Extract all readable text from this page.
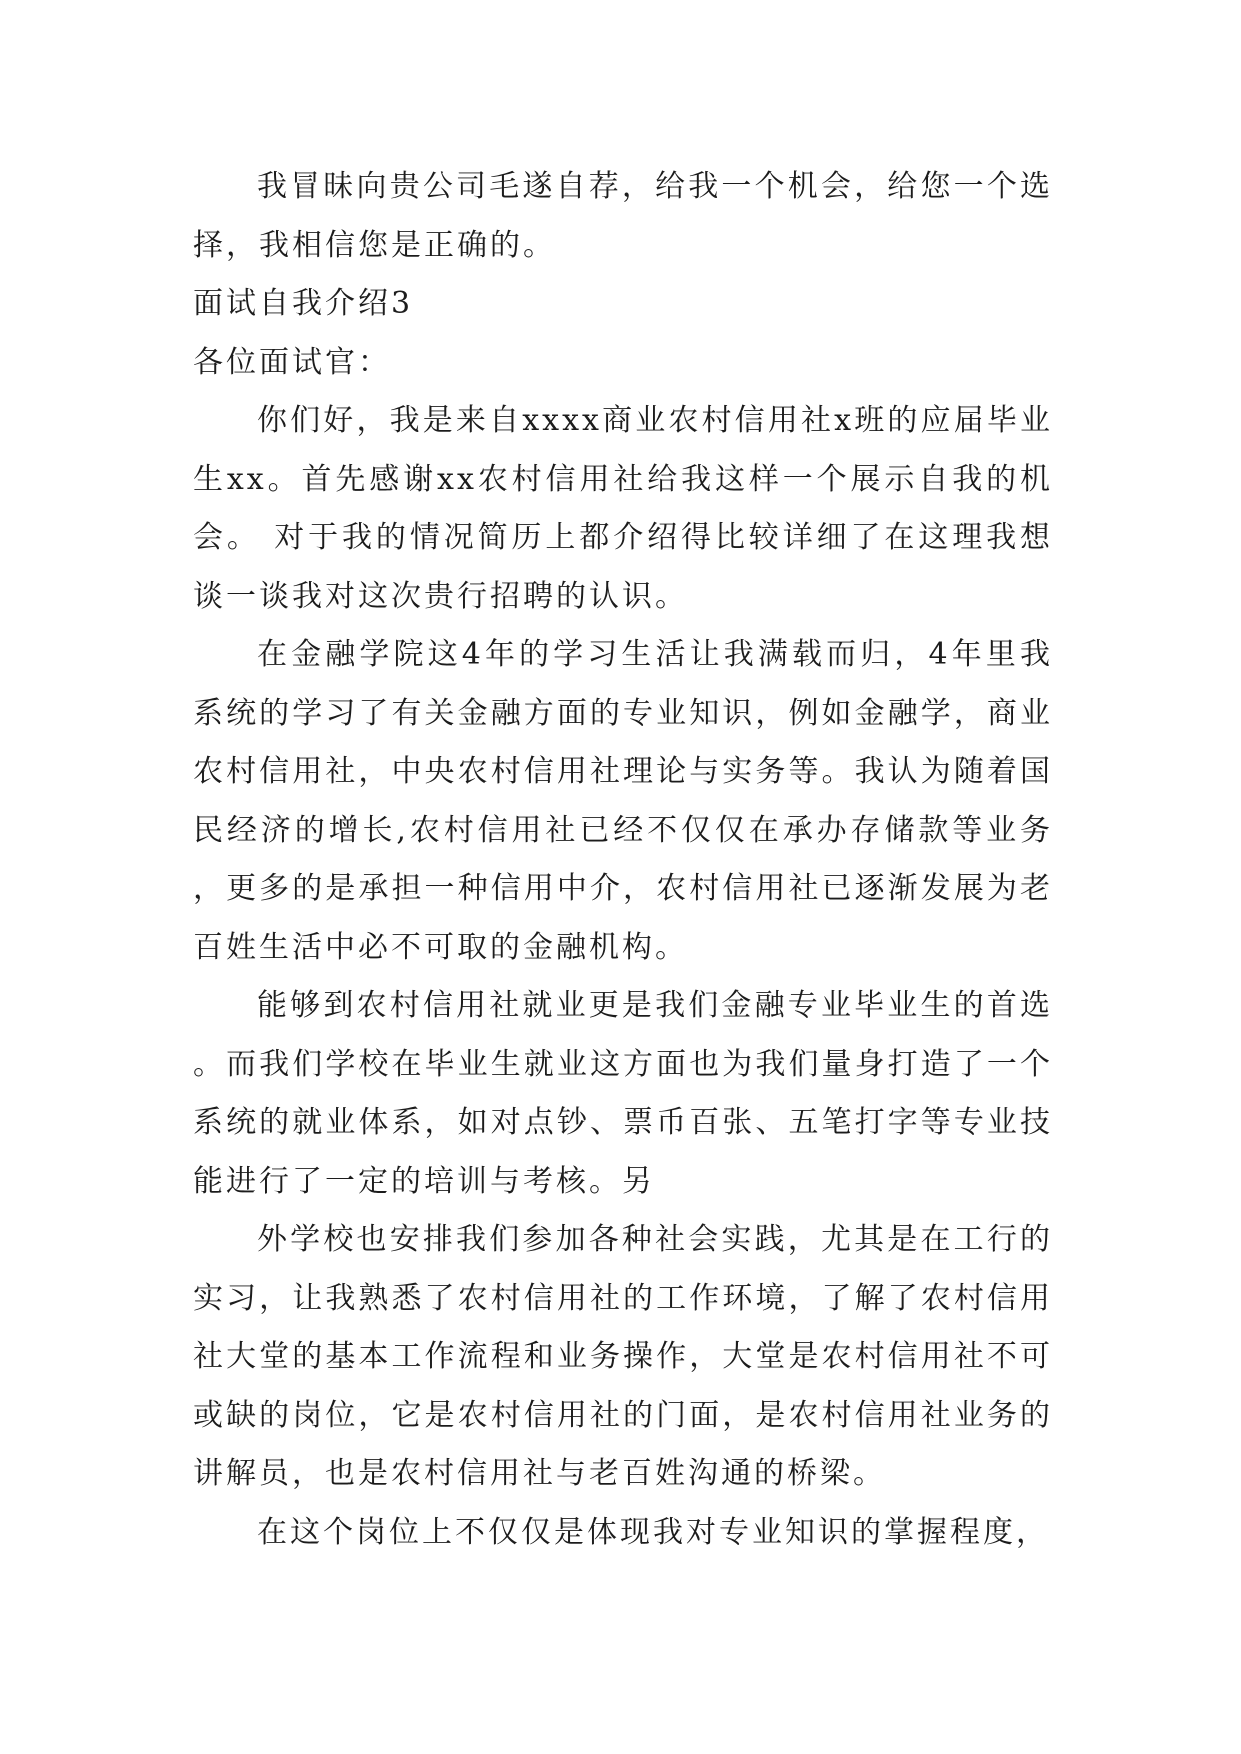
我冒昧向贵公司毛遂自荐，给我一个机会，给您一个选择，我相信您是正确的。

面试自我介绍3

各位面试官：

你们好，我是来自xxxx商业农村信用社x班的应届毕业生xx。首先感谢xx农村信用社给我这样一个展示自我的机会。 对于我的情况简历上都介绍得比较详细了在这理我想谈一谈我对这次贵行招聘的认识。

在金融学院这4年的学习生活让我满载而归，4年里我系统的学习了有关金融方面的专业知识，例如金融学，商业农村信用社，中央农村信用社理论与实务等。我认为随着国民经济的增长,农村信用社已经不仅仅在承办存储款等业务，更多的是承担一种信用中介，农村信用社已逐渐发展为老百姓生活中必不可取的金融机构。

能够到农村信用社就业更是我们金融专业毕业生的首选。而我们学校在毕业生就业这方面也为我们量身打造了一个系统的就业体系，如对点钞、票币百张、五笔打字等专业技能进行了一定的培训与考核。另

外学校也安排我们参加各种社会实践，尤其是在工行的实习，让我熟悉了农村信用社的工作环境，了解了农村信用社大堂的基本工作流程和业务操作，大堂是农村信用社不可或缺的岗位，它是农村信用社的门面，是农村信用社业务的讲解员，也是农村信用社与老百姓沟通的桥梁。

在这个岗位上不仅仅是体现我对专业知识的掌握程度，
